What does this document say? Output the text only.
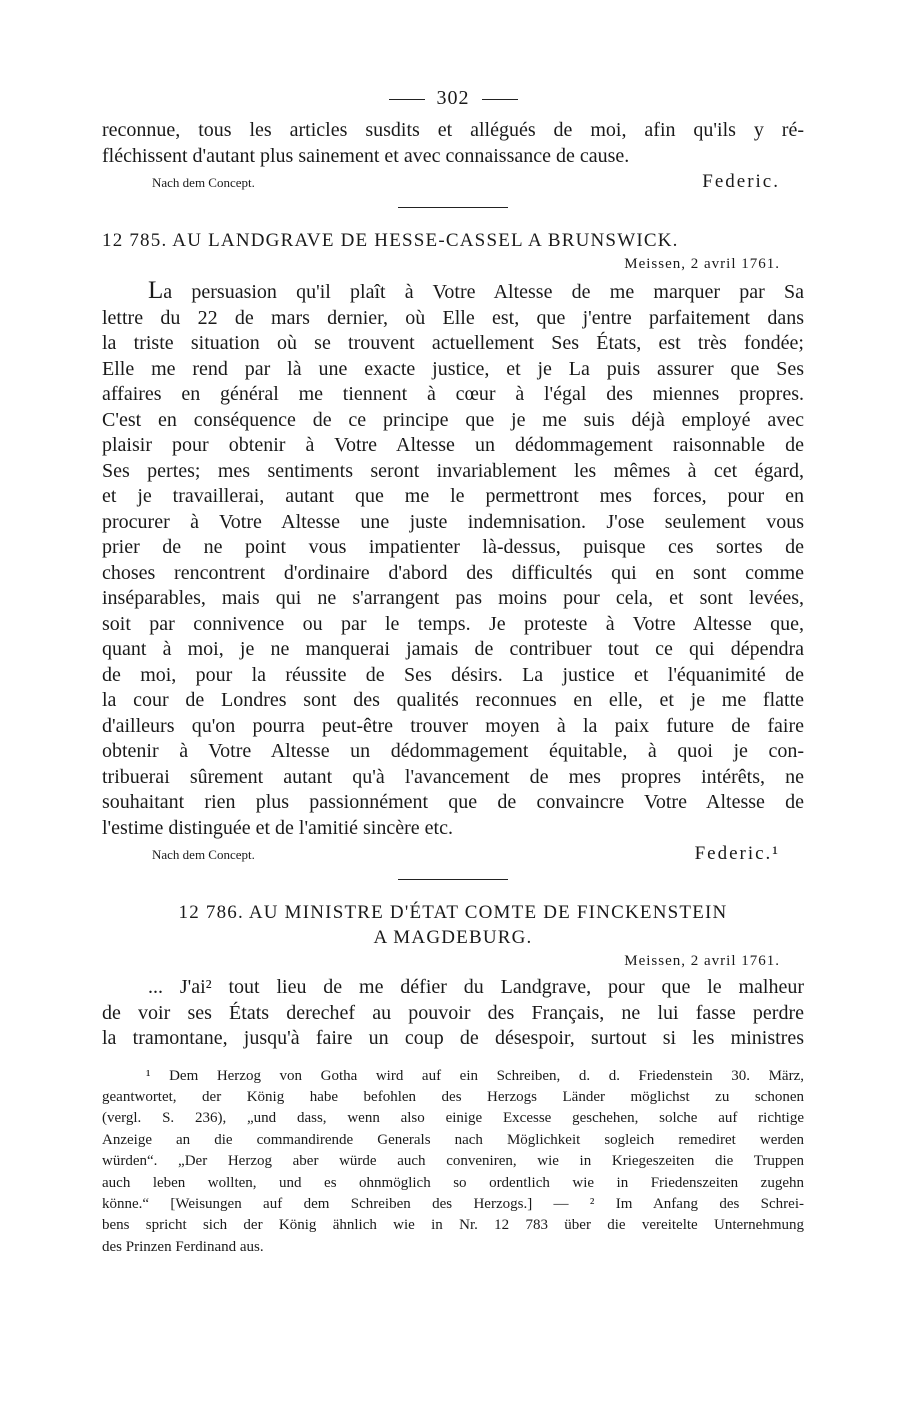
302
reconnue, tous les articles susdits et allégués de moi, afin qu'ils y ré-
fléchissent d'autant plus sainement et avec connaissance de cause.
Nach dem Concept.	Federic.
12 785. AU LANDGRAVE DE HESSE-CASSEL A BRUNSWICK.
Meissen, 2 avril 1761.
La persuasion qu'il plaît à Votre Altesse de me marquer par Sa
lettre du 22 de mars dernier, où Elle est, que j'entre parfaitement dans
la triste situation où se trouvent actuellement Ses États, est très fondée;
Elle me rend par là une exacte justice, et je La puis assurer que Ses
affaires en général me tiennent à cœur à l'égal des miennes propres.
C'est en conséquence de ce principe que je me suis déjà employé avec
plaisir pour obtenir à Votre Altesse un dédommagement raisonnable de
Ses pertes; mes sentiments seront invariablement les mêmes à cet égard,
et je travaillerai, autant que me le permettront mes forces, pour en
procurer à Votre Altesse une juste indemnisation. J'ose seulement vous
prier de ne point vous impatienter là-dessus, puisque ces sortes de
choses rencontrent d'ordinaire d'abord des difficultés qui en sont comme
inséparables, mais qui ne s'arrangent pas moins pour cela, et sont levées,
soit par connivence ou par le temps. Je proteste à Votre Altesse que,
quant à moi, je ne manquerai jamais de contribuer tout ce qui dépendra
de moi, pour la réussite de Ses désirs. La justice et l'équanimité de
la cour de Londres sont des qualités reconnues en elle, et je me flatte
d'ailleurs qu'on pourra peut-être trouver moyen à la paix future de faire
obtenir à Votre Altesse un dédommagement équitable, à quoi je con-
tribuerai sûrement autant qu'à l'avancement de mes propres intérêts, ne
souhaitant rien plus passionnément que de convaincre Votre Altesse de
l'estime distinguée et de l'amitié sincère etc.
Nach dem Concept.	Federic.¹
12 786. AU MINISTRE D'ÉTAT COMTE DE FINCKENSTEIN
A MAGDEBURG.
Meissen, 2 avril 1761.
... J'ai² tout lieu de me défier du Landgrave, pour que le malheur
de voir ses États derechef au pouvoir des Français, ne lui fasse perdre
la tramontane, jusqu'à faire un coup de désespoir, surtout si les ministres
¹ Dem Herzog von Gotha wird auf ein Schreiben, d. d. Friedenstein 30. März,
geantwortet, der König habe befohlen des Herzogs Länder möglichst zu schonen
(vergl. S. 236), „und dass, wenn also einige Excesse geschehen, solche auf richtige
Anzeige an die commandirende Generals nach Möglichkeit sogleich remediret werden
würden“. „Der Herzog aber würde auch conveniren, wie in Kriegeszeiten die Truppen
auch leben wollten, und es ohnmöglich so ordentlich wie in Friedenszeiten zugehn
könne.“ [Weisungen auf dem Schreiben des Herzogs.] — ² Im Anfang des Schrei-
bens spricht sich der König ähnlich wie in Nr. 12 783 über die vereitelte Unternehmung
des Prinzen Ferdinand aus.
